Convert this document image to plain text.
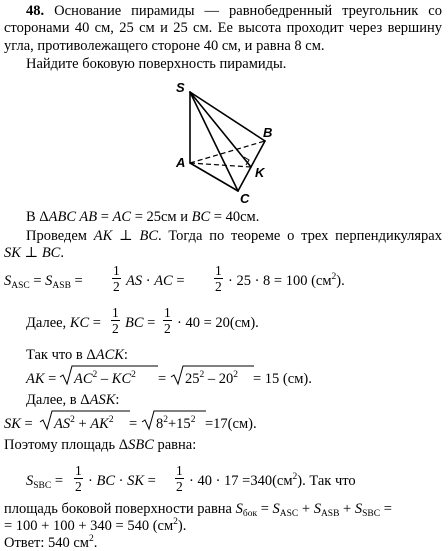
48. Основание пирамиды — равнобедренный треугольник со
сторонами 40 см, 25 см и 25 см. Ее высота проходит через вершину
угла, противолежащего стороне 40 см, и равна 8 см.
Найдите боковую поверхность пирамиды.
S
A
B
K
C
В ΔABC AB = AC = 25см и BC = 40см.
Проведем AK ⊥ BC. Тогда по теореме о трех перпендикулярах
SK ⊥ BC.
$S_{ASC} = S_{ASB} = \frac{1}{2}$ AS · AC = $\frac{1}{2} \cdot 25 \cdot 8 = 100$ $(см^2)$.
Далее, KC = $\frac{1}{2}$ BC = $\frac{1}{2} \cdot 40 = 20(см)$.
Так что в ΔACK:
AK = $AC^2 - KC^2 = 25^2 - 20^2 = 15$ (см).
Далее, в ΔASK:
SK = $AS^2 + AK^2 = 8^2+15^2 =17(см)$.
Поэтому площадь ΔSBC равна:
$S_{SBC} = \frac{1}{2}$ · BC · SK = $\frac{1}{2} \cdot 40 \cdot 17 =340(см^2)$. Так что
площадь боковой поверхности равна $S_{бок} = S_{ASC} + S_{ASB} + S_{SBC}$ =
= 100 + 100 + 340 = 540 $(см^2)$.
Ответ: 540 $см^2$.
